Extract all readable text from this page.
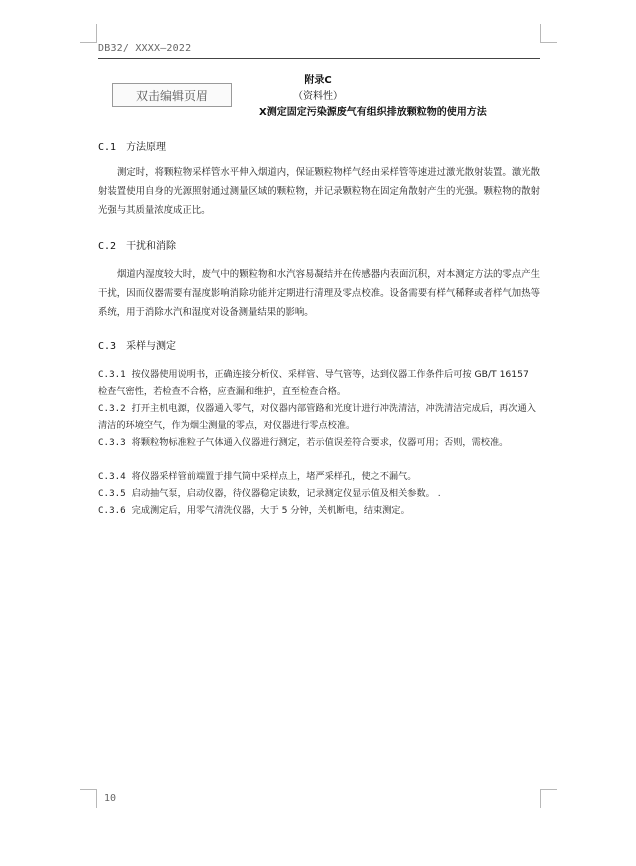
DB32/ XXXX—2022
附录C
（资料性）
X测定固定污染源废气有组织排放颗粒物的使用方法
双击编辑页眉
C.1 方法原理
测定时，将颗粒物采样管水平伸入烟道内，保证颗粒物样气经由采样管等速进过激光散射装置。激光散射装置使用自身的光源照射通过测量区域的颗粒物，并记录颗粒物在固定角散射产生的光强。颗粒物的散射光强与其质量浓度成正比。
C.2 干扰和消除
烟道内湿度较大时，废气中的颗粒物和水汽容易凝结并在传感器内表面沉积，对本测定方法的零点产生干扰，因而仪器需要有湿度影响消除功能并定期进行清理及零点校准。设备需要有样气稀释或者样气加热等系统，用于消除水汽和湿度对设备测量结果的影响。
C.3 采样与测定
C.3.1 按仪器使用说明书，正确连接分析仪、采样管、导气管等，达到仪器工作条件后可按 GB/T 16157 检查气密性，若检查不合格，应查漏和维护，直至检查合格。
C.3.2 打开主机电源，仪器通入零气，对仪器内部管路和光度计进行冲洗清洁，冲洗清洁完成后，再次通入清洁的环境空气，作为烟尘测量的零点，对仪器进行零点校准。
C.3.3 将颗粒物标准粒子气体通入仪器进行测定，若示值误差符合要求，仪器可用；否则，需校准。
C.3.4 将仪器采样管前端置于排气筒中采样点上，堵严采样孔，使之不漏气。
C.3.5 启动抽气泵，启动仪器，待仪器稳定读数，记录测定仪显示值及相关参数。 .
C.3.6 完成测定后，用零气清洗仪器，大于 5 分钟，关机断电，结束测定。
10
